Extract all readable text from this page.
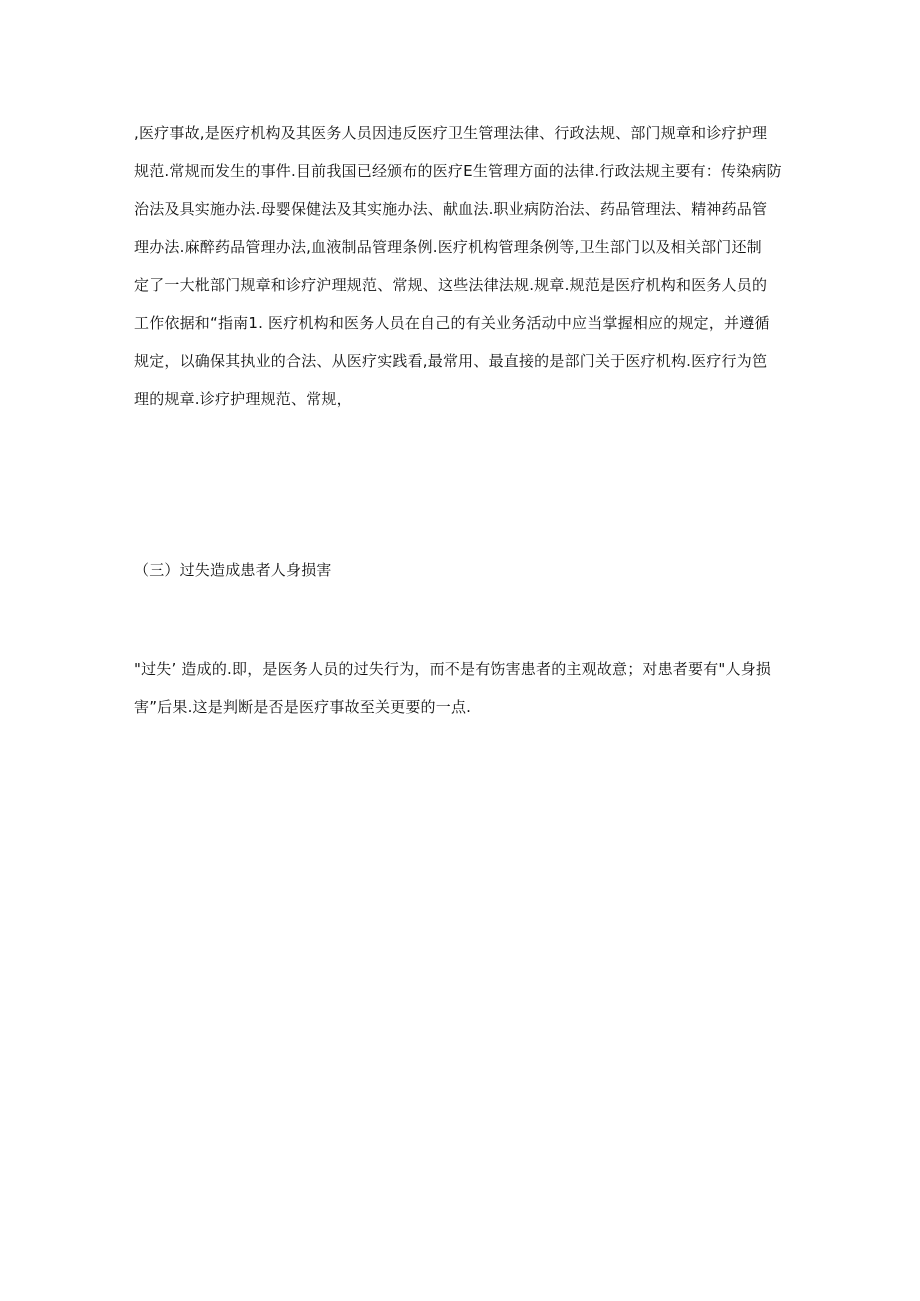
,医疗事故,是医疗机构及其医务人员因违反医疗卫生管理法律、行政法规、部门规章和诊疗护理
规范.常规而发生的事件.目前我国已经颁布的医疗E生管理方面的法律.行政法规主要有：传染病防
治法及具实施办法.母婴保健法及其实施办法、献血法.职业病防治法、药品管理法、精神药品管
理办法.麻醉药品管理办法,血液制品管理条例.医疗机构管理条例等,卫生部门以及相关部门还制
定了一大枇部门规章和诊疗沪理规范、常规、这些法律法规.规章.规范是医疗机构和医务人员的
工作依据和“指南1. 医疗机构和医务人员在自己的有关业务活动中应当掌握相应的规定，并遵循
规定，以确保其执业的合法、从医疗实践看,最常用、最直接的是部门关于医疗机构.医疗行为笆
理的规章.诊疗护理规范、常规，
（三）过失造成患者人身损害
"过失’ 造成的.即，是医务人员的过失行为，而不是有饬害患者的主观故意；对患者要有"人身损
害”后果.这是判断是否是医疗事故至关更要的一点.
